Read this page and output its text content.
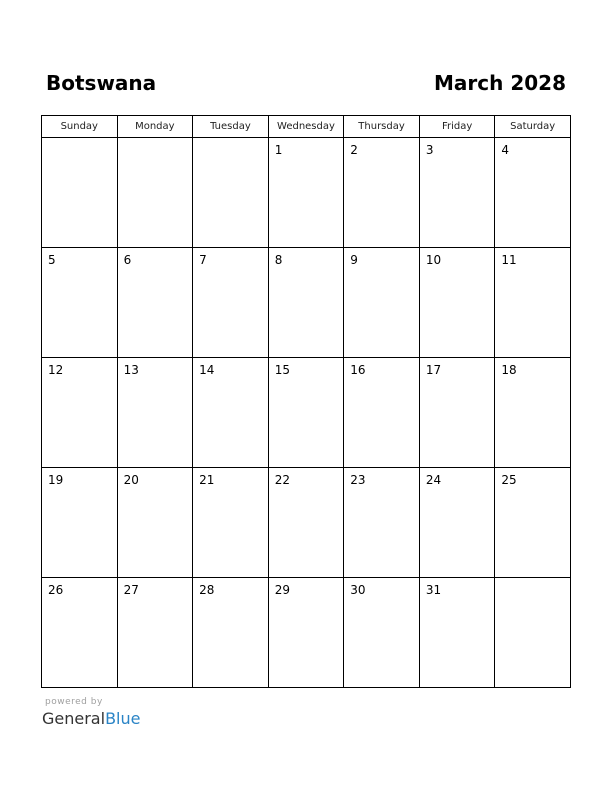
Botswana	March 2028
Sunday	Monday	Tuesday	Wednesday	Thursday	Friday	Saturday

			1	2	3	4

5	6	7	8	9	10	11

12	13	14	15	16	17	18

19	20	21	22	23	24	25

26	27	28	29	30	31	

powered by
GeneralBlue
